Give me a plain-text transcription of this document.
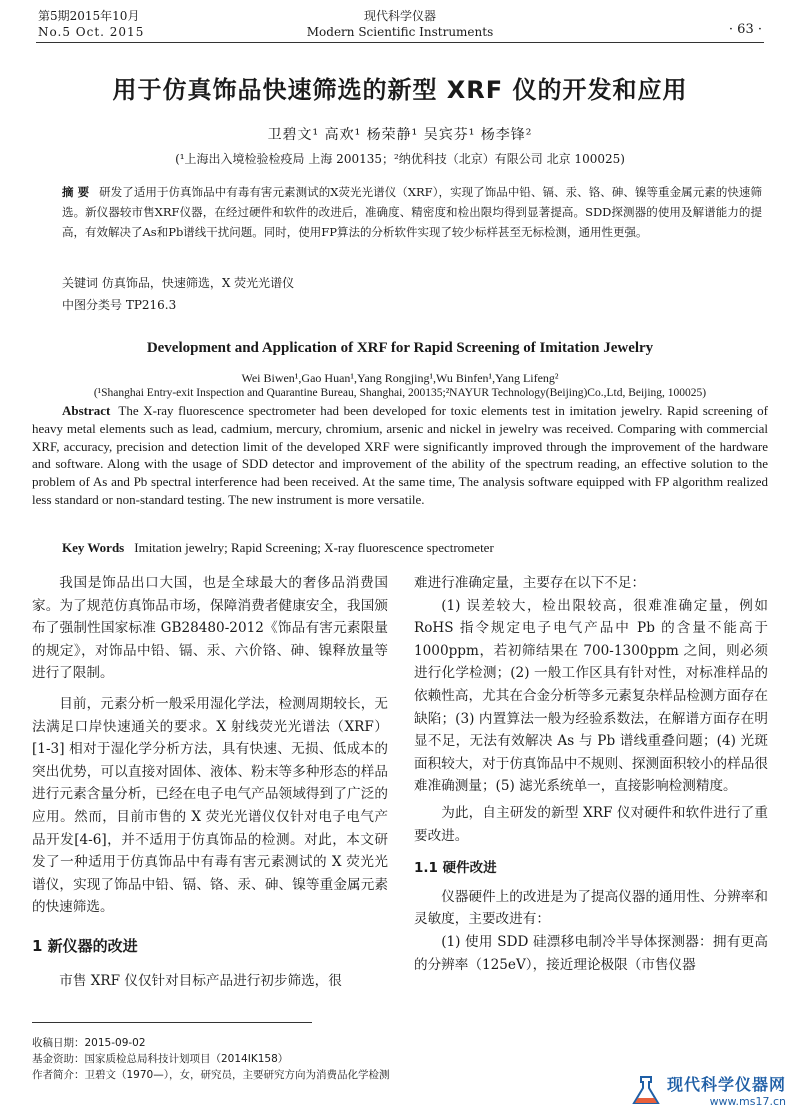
第5期2015年10月
No.5 Oct. 2015
现代科学仪器
Modern Scientific Instruments	· 63 ·
用于仿真饰品快速筛选的新型 XRF 仪的开发和应用
卫碧文¹ 高欢¹ 杨荣静¹ 吴宾芬¹ 杨李锋²
(¹上海出入境检验检疫局 上海 200135；²纳优科技（北京）有限公司 北京 100025)
摘 要 研发了适用于仿真饰品中有毒有害元素测试的X荧光光谱仪（XRF），实现了饰品中铅、镉、汞、铬、砷、镍等重金属元素的快速筛选。新仪器较市售XRF仪器，在经过硬件和软件的改进后，准确度、精密度和检出限均得到显著提高。SDD探测器的使用及解谱能力的提高，有效解决了As和Pb谱线干扰问题。同时，使用FP算法的分析软件实现了较少标样甚至无标检测，通用性更强。
关键词 仿真饰品，快速筛选，X 荧光光谱仪
中图分类号 TP216.3
Development and Application of XRF for Rapid Screening of Imitation Jewelry
Wei Biwen¹,Gao Huan¹,Yang Rongjing¹,Wu Binfen¹,Yang Lifeng²
(¹Shanghai Entry-exit Inspection and Quarantine Bureau, Shanghai, 200135;²NAYUR Technology(Beijing)Co.,Ltd, Beijing, 100025)
Abstract The X-ray fluorescence spectrometer had been developed for toxic elements test in imitation jewelry. Rapid screening of heavy metal elements such as lead, cadmium, mercury, chromium, arsenic and nickel in jewelry was received. Comparing with commercial XRF, accuracy, precision and detection limit of the developed XRF were significantly improved through the improvement of the hardware and software. Along with the usage of SDD detector and improvement of the ability of the spectrum reading, an effective solution to the problem of As and Pb spectral interference had been received. At the same time, The analysis software equipped with FP algorithm realized less standard or non-standard testing. The new instrument is more versatile.
Key Words Imitation jewelry; Rapid Screening; X-ray fluorescence spectrometer

我国是饰品出口大国，也是全球最大的奢侈品消费国家。为了规范仿真饰品市场，保障消费者健康安全，我国颁布了强制性国家标准 GB28480-2012《饰品有害元素限量的规定》，对饰品中铅、镉、汞、六价铬、砷、镍释放量等进行了限制。

目前，元素分析一般采用湿化学法，检测周期较长，无法满足口岸快速通关的要求。X 射线荧光光谱法（XRF）[1-3] 相对于湿化学分析方法，具有快速、无损、低成本的突出优势，可以直接对固体、液体、粉末等多种形态的样品进行元素含量分析，已经在电子电气产品领域得到了广泛的应用。然而，目前市售的 X 荧光光谱仪仅针对电子电气产品开发[4-6]，并不适用于仿真饰品的检测。对此，本文研发了一种适用于仿真饰品中有毒有害元素测试的 X 荧光光谱仪，实现了饰品中铅、镉、铬、汞、砷、镍等重金属元素的快速筛选。

1 新仪器的改进

市售 XRF 仪仅针对目标产品进行初步筛选，很

难进行准确定量，主要存在以下不足：

(1) 误差较大，检出限较高，很难准确定量，例如 RoHS 指令规定电子电气产品中 Pb 的含量不能高于 1000ppm，若初筛结果在 700-1300ppm 之间，则必须进行化学检测；(2) 一般工作区具有针对性，对标准样品的依赖性高，尤其在合金分析等多元素复杂样品检测方面存在缺陷；(3) 内置算法一般为经验系数法，在解谱方面存在明显不足，无法有效解决 As 与 Pb 谱线重叠问题；(4) 光斑面积较大，对于仿真饰品中不规则、探测面积较小的样品很难准确测量；(5) 滤光系统单一，直接影响检测精度。

为此，自主研发的新型 XRF 仪对硬件和软件进行了重要改进。

1.1 硬件改进

仪器硬件上的改进是为了提高仪器的通用性、分辨率和灵敏度，主要改进有：

(1) 使用 SDD 硅漂移电制冷半导体探测器：拥有更高的分辨率（125eV），接近理论极限（市售仪器

收稿日期：2015-09-02
基金资助：国家质检总局科技计划项目（2014IK158）
作者简介：卫碧文（1970—），女，研究员，主要研究方向为消费品化学检测	现代科学仪器网
www.ms17.cn
